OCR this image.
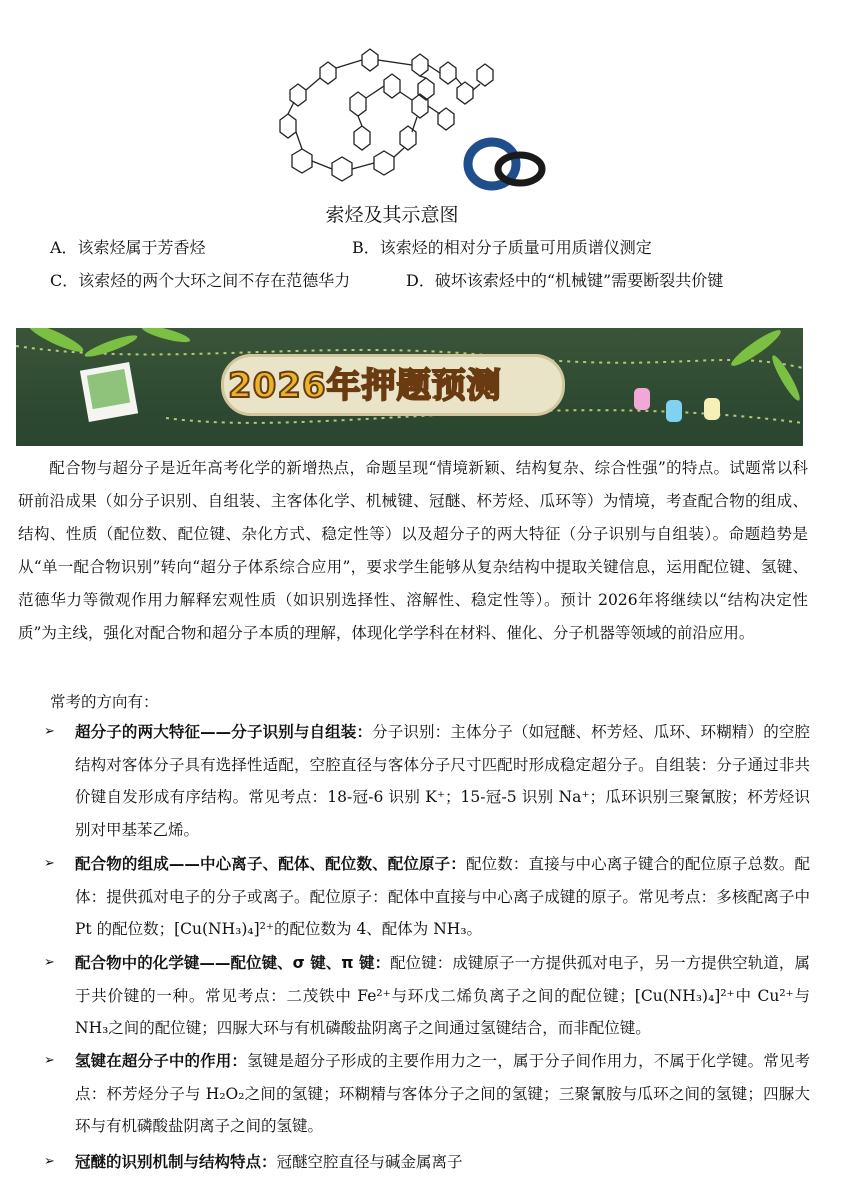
索烃及其示意图
A．该索烃属于芳香烃	B．该索烃的相对分子质量可用质谱仪测定
C．该索烃的两个大环之间不存在范德华力	D．破坏该索烃中的“机械键”需要断裂共价键
2026年押题预测
配合物与超分子是近年高考化学的新增热点，命题呈现“情境新颖、结构复杂、综合性强”的特点。试题常以科研前沿成果（如分子识别、自组装、主客体化学、机械键、冠醚、杯芳烃、瓜环等）为情境，考查配合物的组成、结构、性质（配位数、配位键、杂化方式、稳定性等）以及超分子的两大特征（分子识别与自组装）。命题趋势是从“单一配合物识别”转向“超分子体系综合应用”，要求学生能够从复杂结构中提取关键信息，运用配位键、氢键、范德华力等微观作用力解释宏观性质（如识别选择性、溶解性、稳定性等）。预计 2026年将继续以“结构决定性质”为主线，强化对配合物和超分子本质的理解，体现化学学科在材料、催化、分子机器等领域的前沿应用。
常考的方向有：
➢ 超分子的两大特征——分子识别与自组装：分子识别：主体分子（如冠醚、杯芳烃、瓜环、环糊精）的空腔结构对客体分子具有选择性适配，空腔直径与客体分子尺寸匹配时形成稳定超分子。自组装：分子通过非共价键自发形成有序结构。常见考点：18-冠-6 识别 K⁺；15-冠-5 识别 Na⁺；瓜环识别三聚氰胺；杯芳烃识别对甲基苯乙烯。
➢ 配合物的组成——中心离子、配体、配位数、配位原子：配位数：直接与中心离子键合的配位原子总数。配体：提供孤对电子的分子或离子。配位原子：配体中直接与中心离子成键的原子。常见考点：多核配离子中 Pt 的配位数；[Cu(NH₃)₄]²⁺的配位数为 4、配体为 NH₃。
➢ 配合物中的化学键——配位键、σ 键、π 键：配位键：成键原子一方提供孤对电子，另一方提供空轨道，属于共价键的一种。常见考点：二茂铁中 Fe²⁺与环戊二烯负离子之间的配位键；[Cu(NH₃)₄]²⁺中 Cu²⁺与 NH₃之间的配位键；四脲大环与有机磷酸盐阴离子之间通过氢键结合，而非配位键。
➢ 氢键在超分子中的作用：氢键是超分子形成的主要作用力之一，属于分子间作用力，不属于化学键。常见考点：杯芳烃分子与 H₂O₂之间的氢键；环糊精与客体分子之间的氢键；三聚氰胺与瓜环之间的氢键；四脲大环与有机磷酸盐阴离子之间的氢键。
➢ 冠醚的识别机制与结构特点：冠醚空腔直径与碱金属离子
